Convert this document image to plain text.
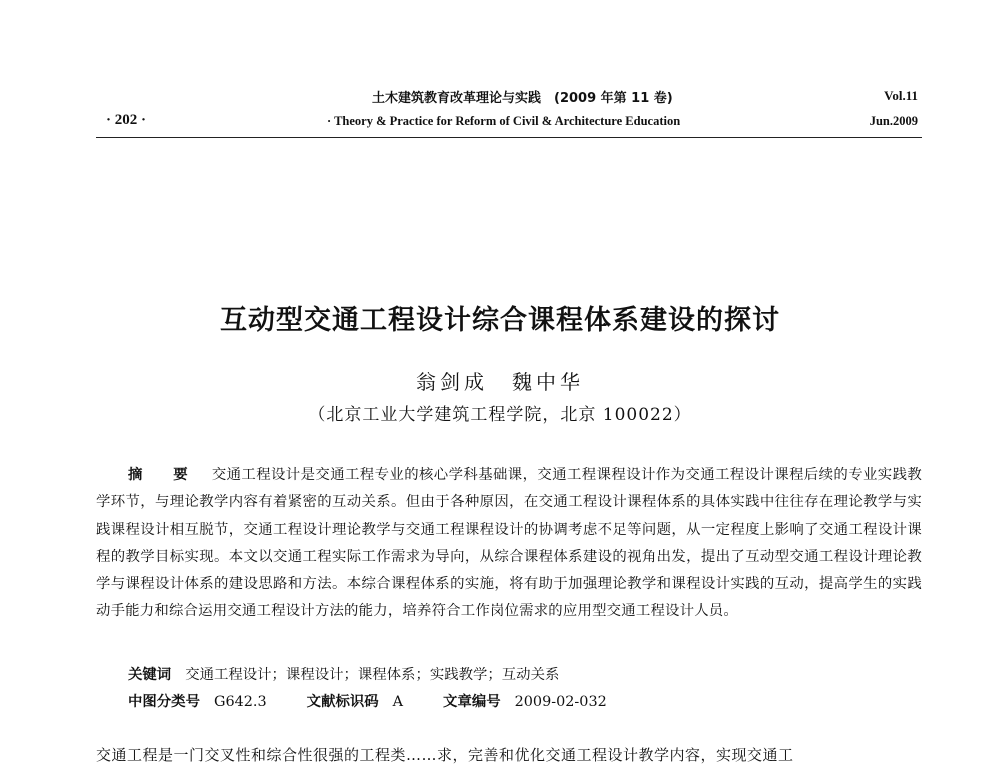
· 202 ·
土木建筑教育改革理论与实践　(2009 年第 11 卷)
· Theory & Practice for Reform of Civil & Architecture Education
Vol.11
Jun.2009
互动型交通工程设计综合课程体系建设的探讨
翁剑成　魏中华
（北京工业大学建筑工程学院，北京 100022）
摘　要 交通工程设计是交通工程专业的核心学科基础课，交通工程课程设计作为交通工程设计课程后续的专业实践教学环节，与理论教学内容有着紧密的互动关系。但由于各种原因，在交通工程设计课程体系的具体实践中往往存在理论教学与实践课程设计相互脱节，交通工程设计理论教学与交通工程课程设计的协调考虑不足等问题，从一定程度上影响了交通工程设计课程的教学目标实现。本文以交通工程实际工作需求为导向，从综合课程体系建设的视角出发，提出了互动型交通工程设计理论教学与课程设计体系的建设思路和方法。本综合课程体系的实施，将有助于加强理论教学和课程设计实践的互动，提高学生的实践动手能力和综合运用交通工程设计方法的能力，培养符合工作岗位需求的应用型交通工程设计人员。
关键词 交通工程设计；课程设计；课程体系；实践教学；互动关系
中图分类号 G642.3	文献标识码 A	文章编号 2009-02-032
交通工程是一门交叉性和综合性很强的工程类……求，完善和优化交通工程设计教学内容，实现交通工
